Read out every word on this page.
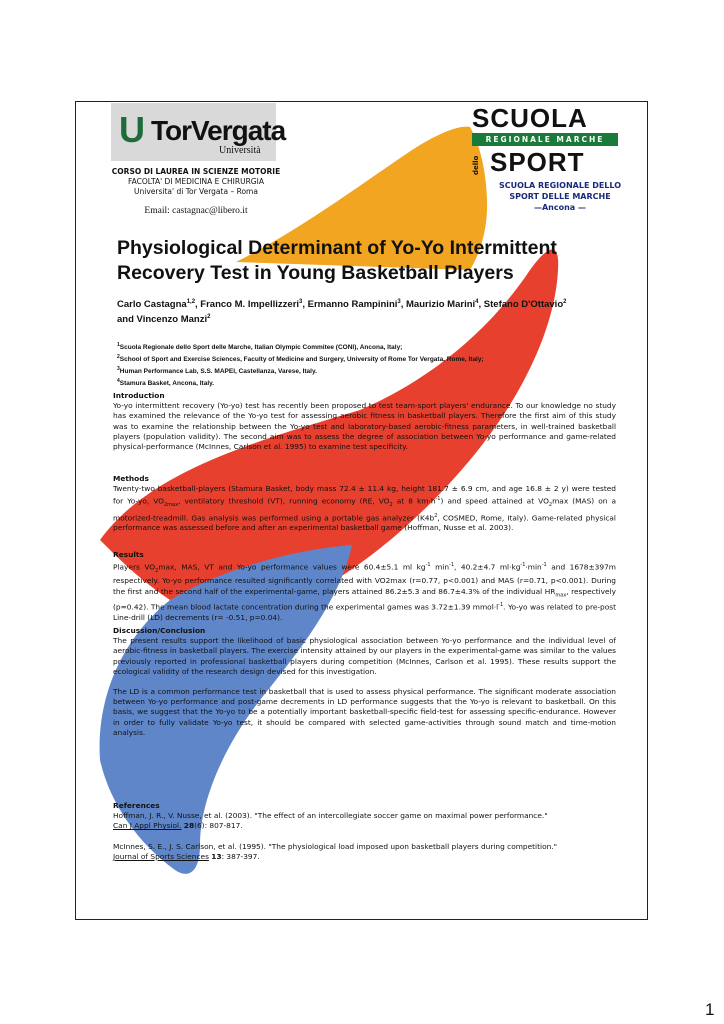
U TorVergata
Università
CORSO DI LAUREA IN SCIENZE MOTORIE
FACOLTA' DI MEDICINA E CHIRURGIA
Universita' di Tor Vergata – Roma
Email: castagnac@libero.it
SCUOLA
REGIONALE MARCHE
SPORT
dello
SCUOLA REGIONALE DELLO
SPORT DELLE MARCHE
—Ancona —
Physiological Determinant of Yo-Yo Intermittent
Recovery Test in Young Basketball Players
Carlo Castagna$^{1,2}$, Franco M. Impellizzeri$^3$, Ermanno Rampinini$^3$, Maurizio Marini$^4$, Stefano D'Ottavio$^2$
and Vincenzo Manzi$^2$
$^1$Scuola Regionale dello Sport delle Marche, Italian Olympic Commitee (CONI), Ancona, Italy;
$^2$School of Sport and Exercise Sciences, Faculty of Medicine and Surgery, University of Rome Tor Vergata, Rome, Italy;
$^3$Human Performance Lab, S.S. MAPEI, Castellanza, Varese, Italy.
$^4$Stamura Basket, Ancona, Italy.
Introduction
Yo-yo intermittent recovery (Yo-yo) test has recently been proposed to test team-sport players' endurance. To our knowledge no study has examined the relevance of the Yo-yo test for assessing aerobic fitness in basketball players. Therefore the first aim of this study was to examine the relationship between the Yo-yo test and laboratory-based aerobic-fitness parameters, in well-trained basketball players (population validity). The second aim was to assess the degree of association between Yo-yo performance and game-related physical-performance (McInnes, Carlson et al. 1995) to examine test specificity.
Methods
Twenty-two basketball-players (Stamura Basket, body mass 72.4 ± 11.4 kg, height 181.7 ± 6.9 cm, and age 16.8 ± 2 y) were tested for Yo-yo, $VO_{2max}$, ventilatory threshold (VT), running economy (RE, $VO_2$ at 8 $km\cdot h^{-1}$) and speed attained at $VO_2\max$ (MAS) on a motorized-treadmill. Gas analysis was performed using a portable gas analyzer ($K4b^2$, COSMED, Rome, Italy). Game-related physical performance was assessed before and after an experimental basketball game (Hoffman, Nusse et al. 2003).
Results
Players $VO_2\max$, MAS, VT and Yo-yo performance values were 60.4±5.1 ml $kg^{-1}$ $\min^{-1}$, 40.2±4.7 $ml\cdot kg^{-1}\cdot\min^{-1}$ and 1678±397m respectively. Yo-yo performance resulted significantly correlated with VO2max (r=0.77, p<0.001) and MAS (r=0.71, p<0.001). During the first and the second half of the experimental-game, players attained 86.2±5.3 and 86.7±4.3% of the individual $HR_{max}$, respectively (p=0.42). The mean blood lactate concentration during the experimental games was 3.72±1.39 $mmol\cdot l^{-1}$. Yo-yo was related to pre-post Line-drill (LD) decrements (r= -0.51, p=0.04).
Discussion/Conclusion
The present results support the likelihood of basic physiological association between Yo-yo performance and the individual level of aerobic-fitness in basketball players. The exercise intensity attained by our players in the experimental-game was similar to the values previously reported in professional basketball players during competition (McInnes, Carlson et al. 1995). These results support the ecological validity of the research design devised for this investigation.
The LD is a common performance test in basketball that is used to assess physical performance. The significant moderate association between Yo-yo performance and post-game decrements in LD performance suggests that the Yo-yo is relevant to basketball. On this basis, we suggest that the Yo-yo to be a potentially important basketball-specific field-test for assessing specific-endurance. However in order to fully validate Yo-yo test, it should be compared with selected game-activities through sound match and time-motion analysis.
References
Hoffman, J. R., V. Nusse, et al. (2003). "The effect of an intercollegiate soccer game on maximal power performance."
Can J Appl Physiol. 28(6): 807-817.
McInnes, S. E., J. S. Carlson, et al. (1995). "The physiological load imposed upon basketball players during competition."
Journal of Sports Sciences 13: 387-397.
1
